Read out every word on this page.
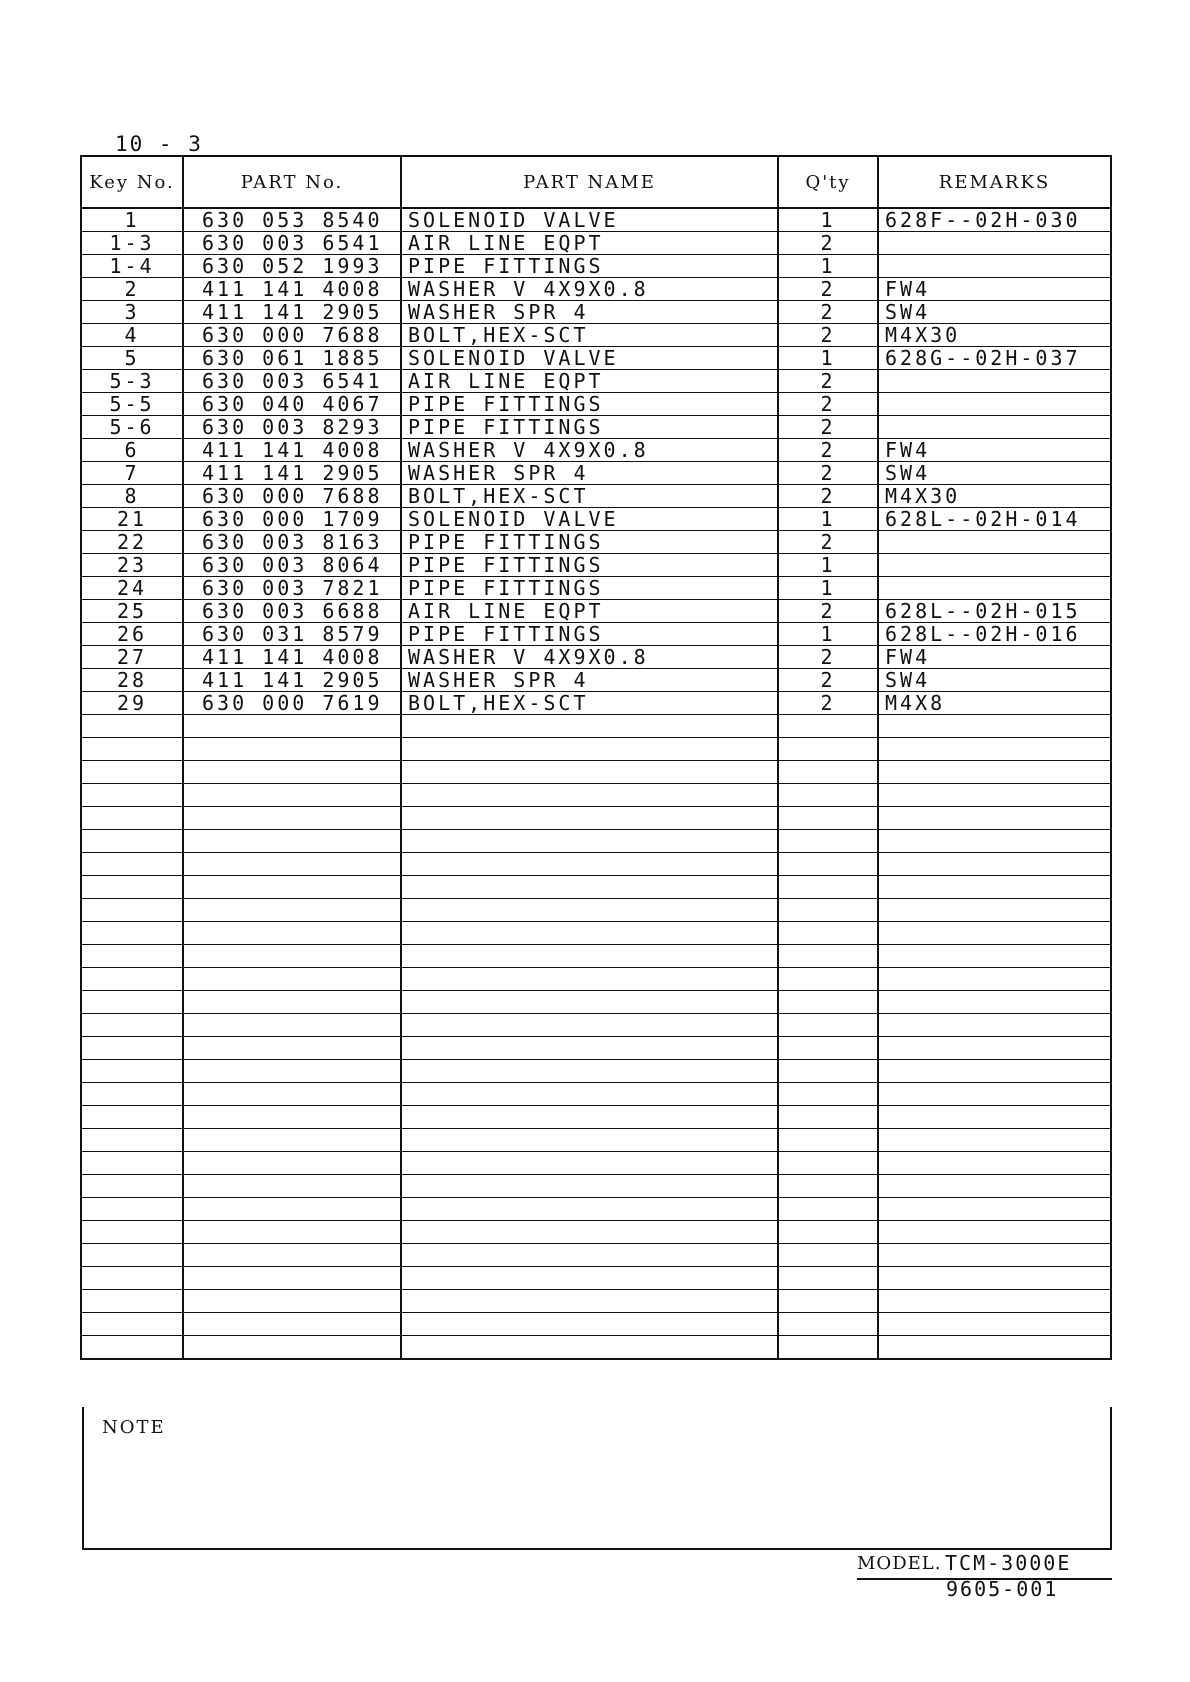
10 - 3
Key No.	PART No.	PART NAME	Q'ty	REMARKS
1	630 053 8540	SOLENOID VALVE	1	628F--02H-030
1-3	630 003 6541	AIR LINE EQPT	2	
1-4	630 052 1993	PIPE FITTINGS	1	
2	411 141 4008	WASHER V 4X9X0.8	2	FW4
3	411 141 2905	WASHER SPR 4	2	SW4
4	630 000 7688	BOLT,HEX-SCT	2	M4X30
5	630 061 1885	SOLENOID VALVE	1	628G--02H-037
5-3	630 003 6541	AIR LINE EQPT	2	
5-5	630 040 4067	PIPE FITTINGS	2	
5-6	630 003 8293	PIPE FITTINGS	2	
6	411 141 4008	WASHER V 4X9X0.8	2	FW4
7	411 141 2905	WASHER SPR 4	2	SW4
8	630 000 7688	BOLT,HEX-SCT	2	M4X30
21	630 000 1709	SOLENOID VALVE	1	628L--02H-014
22	630 003 8163	PIPE FITTINGS	2	
23	630 003 8064	PIPE FITTINGS	1	
24	630 003 7821	PIPE FITTINGS	1	
25	630 003 6688	AIR LINE EQPT	2	628L--02H-015
26	630 031 8579	PIPE FITTINGS	1	628L--02H-016
27	411 141 4008	WASHER V 4X9X0.8	2	FW4
28	411 141 2905	WASHER SPR 4	2	SW4
29	630 000 7619	BOLT,HEX-SCT	2	M4X8

NOTE
MODEL. TCM-3000E
9605-001
